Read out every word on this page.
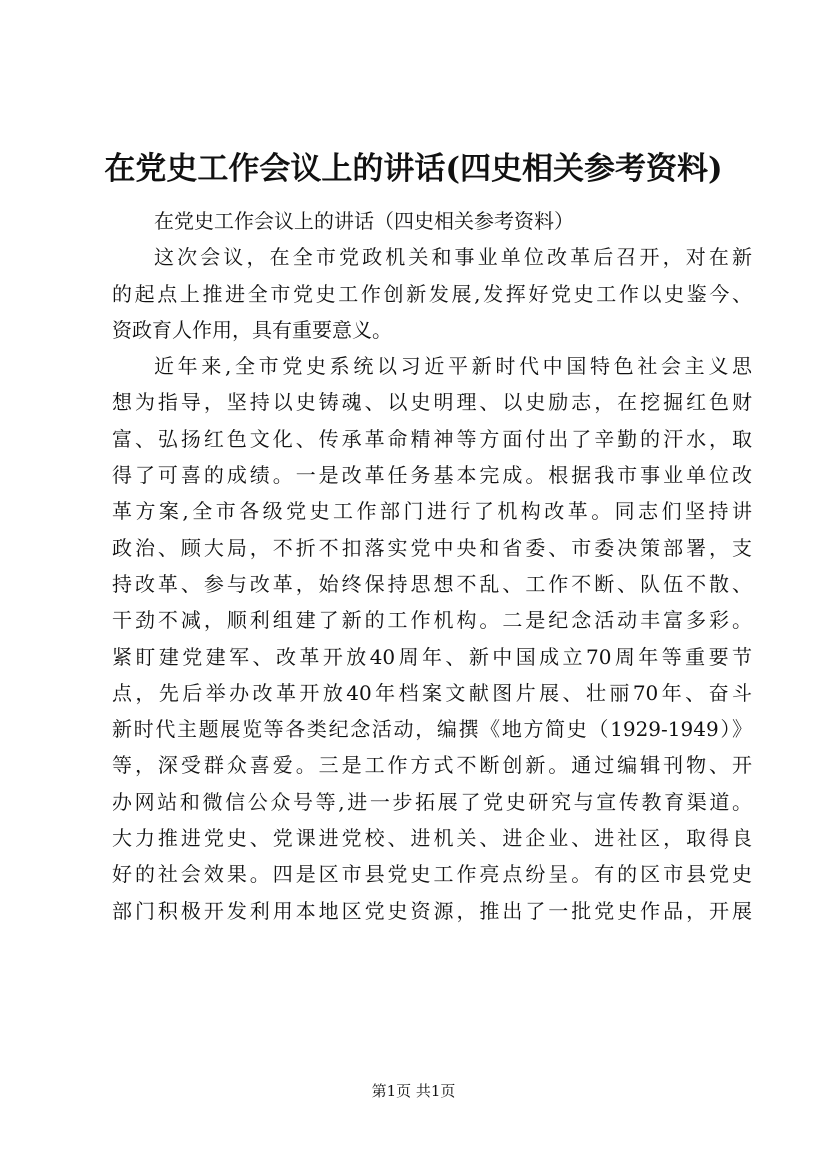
在党史工作会议上的讲话(四史相关参考资料)
在党史工作会议上的讲话（四史相关参考资料）
这次会议，在全市党政机关和事业单位改革后召开，对在新
的起点上推进全市党史工作创新发展,发挥好党史工作以史鉴今、
资政育人作用，具有重要意义。
近年来,全市党史系统以习近平新时代中国特色社会主义思
想为指导，坚持以史铸魂、以史明理、以史励志，在挖掘红色财
富、弘扬红色文化、传承革命精神等方面付出了辛勤的汗水，取
得了可喜的成绩。一是改革任务基本完成。根据我市事业单位改
革方案,全市各级党史工作部门进行了机构改革。同志们坚持讲
政治、顾大局，不折不扣落实党中央和省委、市委决策部署，支
持改革、参与改革，始终保持思想不乱、工作不断、队伍不散、
干劲不减，顺利组建了新的工作机构。二是纪念活动丰富多彩。
紧盯建党建军、改革开放40周年、新中国成立70周年等重要节
点，先后举办改革开放40年档案文献图片展、壮丽70年、奋斗
新时代主题展览等各类纪念活动，编撰《地方简史（1929-1949）》
等，深受群众喜爱。三是工作方式不断创新。通过编辑刊物、开
办网站和微信公众号等,进一步拓展了党史研究与宣传教育渠道。
大力推进党史、党课进党校、进机关、进企业、进社区，取得良
好的社会效果。四是区市县党史工作亮点纷呈。有的区市县党史
部门积极开发利用本地区党史资源，推出了一批党史作品，开展
第1页 共1页
